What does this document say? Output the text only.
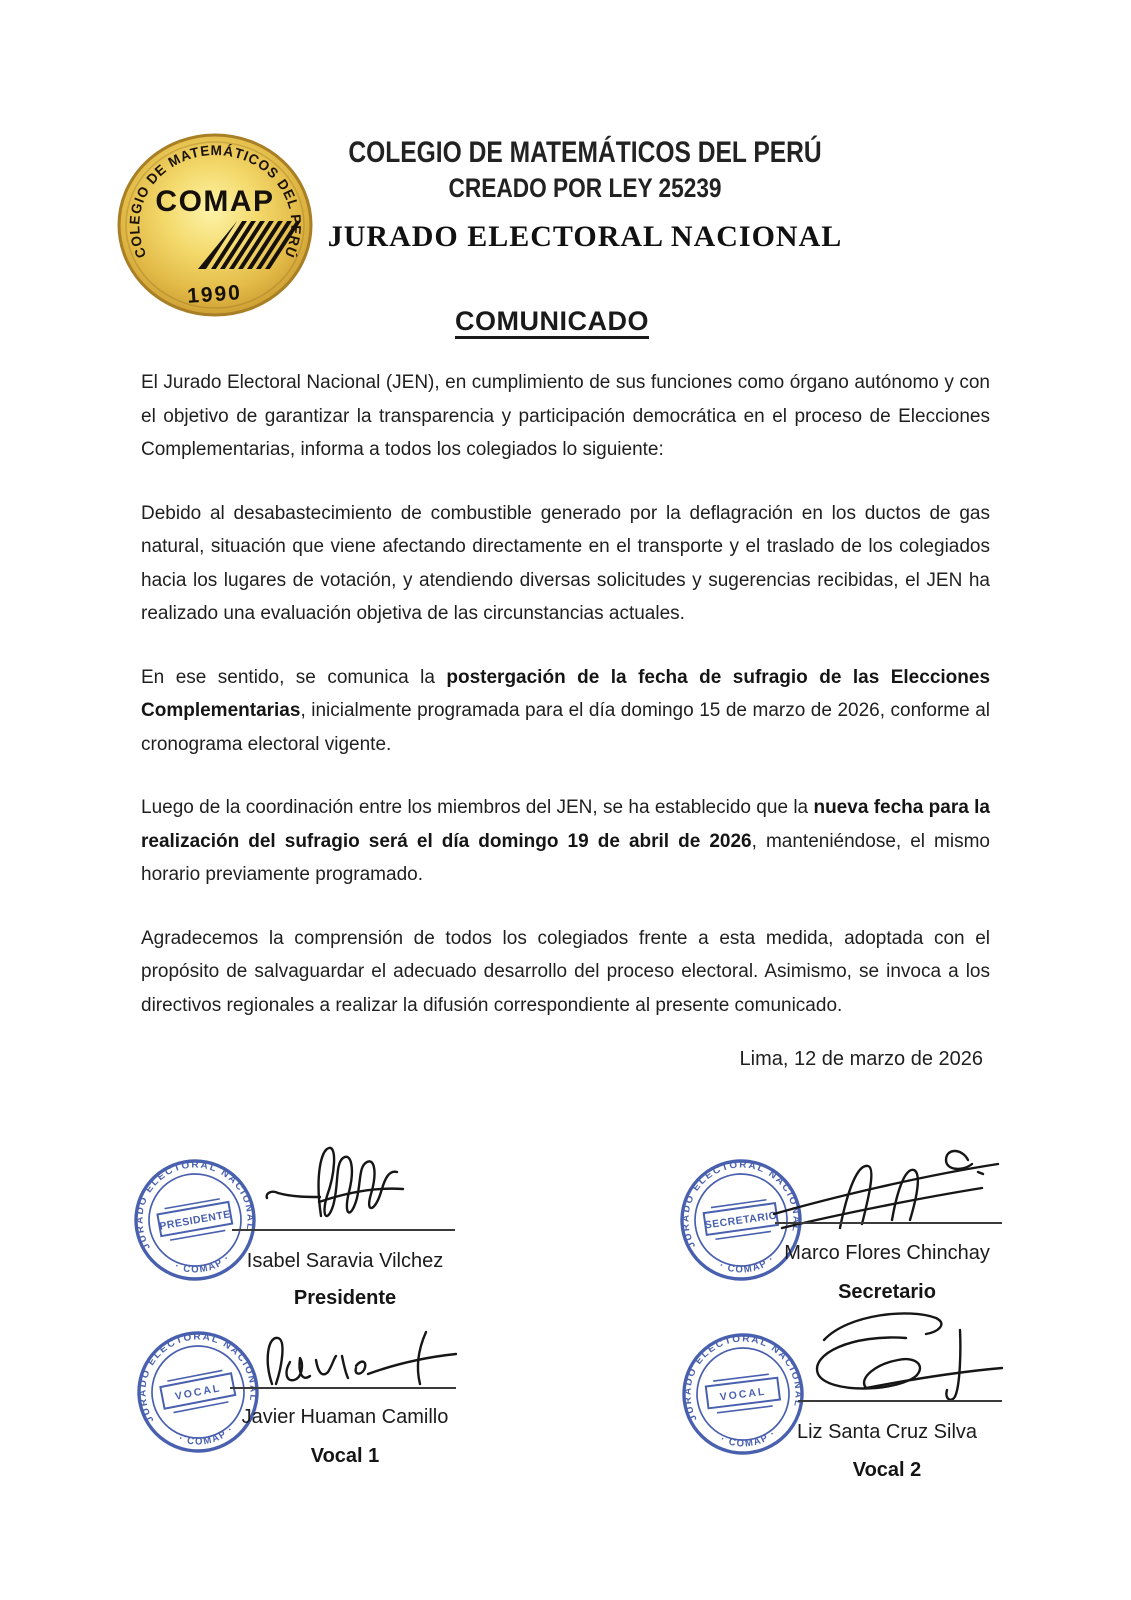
COLEGIO DE MATEMÁTICOS DEL PERÚ
COMAP
1990
COLEGIO DE MATEMÁTICOS DEL PERÚ
CREADO POR LEY 25239
JURADO ELECTORAL NACIONAL
COMUNICADO

El Jurado Electoral Nacional (JEN), en cumplimiento de sus funciones como órgano autónomo y con el objetivo de garantizar la transparencia y participación democrática en el proceso de Elecciones Complementarias, informa a todos los colegiados lo siguiente:

Debido al desabastecimiento de combustible generado por la deflagración en los ductos de gas natural, situación que viene afectando directamente en el transporte y el traslado de los colegiados hacia los lugares de votación, y atendiendo diversas solicitudes y sugerencias recibidas, el JEN ha realizado una evaluación objetiva de las circunstancias actuales.

En ese sentido, se comunica la postergación de la fecha de sufragio de las Elecciones Complementarias, inicialmente programada para el día domingo 15 de marzo de 2026, conforme al cronograma electoral vigente.

Luego de la coordinación entre los miembros del JEN, se ha establecido que la nueva fecha para la realización del sufragio será el día domingo 19 de abril de 2026, manteniéndose, el mismo horario previamente programado.

Agradecemos la comprensión de todos los colegiados frente a esta medida, adoptada con el propósito de salvaguardar el adecuado desarrollo del proceso electoral. Asimismo, se invoca a los directivos regionales a realizar la difusión correspondiente al presente comunicado.

Lima, 12 de marzo de 2026
JURADO ELECTORAL NACIONAL
· COMAP ·
PRESIDENTE
Isabel Saravia Vilchez
Presidente
JURADO ELECTORAL NACIONAL
· COMAP ·
SECRETARIO
Marco Flores Chinchay
Secretario
JURADO ELECTORAL NACIONAL
· COMAP ·
VOCAL
Javier Huaman Camillo
Vocal 1
JURADO ELECTORAL NACIONAL
· COMAP ·
VOCAL
Liz Santa Cruz Silva
Vocal 2
